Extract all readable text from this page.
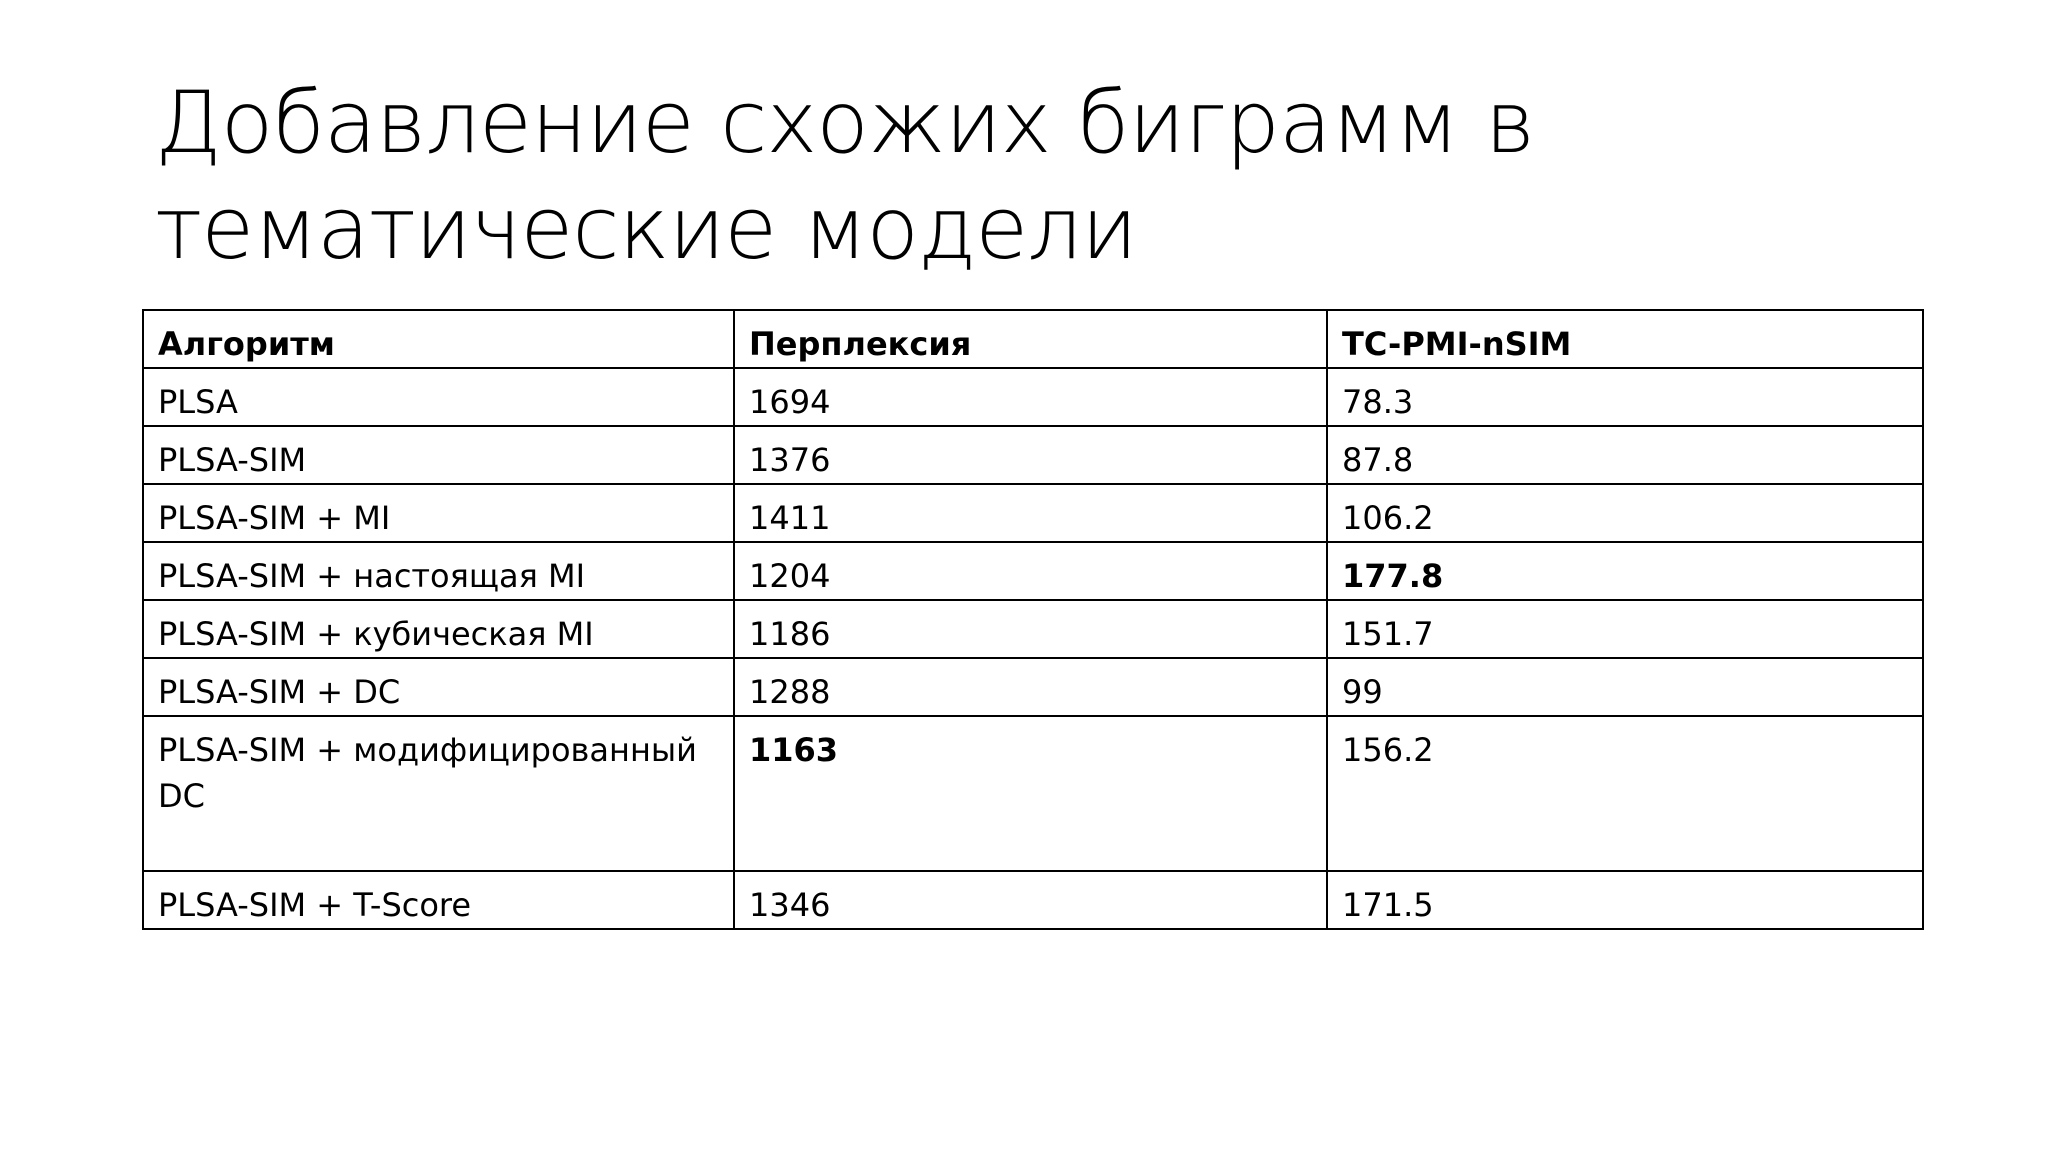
Добавление схожих биграмм в
тематические модели
Алгоритм	Перплексия	TC-PMI-nSIM
PLSA	1694	78.3
PLSA-SIM	1376	87.8
PLSA-SIM + MI	1411	106.2
PLSA-SIM + настоящая MI	1204	177.8
PLSA-SIM + кубическая MI	1186	151.7
PLSA-SIM + DC	1288	99
PLSA-SIM + модифицированный DC	1163	156.2
PLSA-SIM + T-Score	1346	171.5
